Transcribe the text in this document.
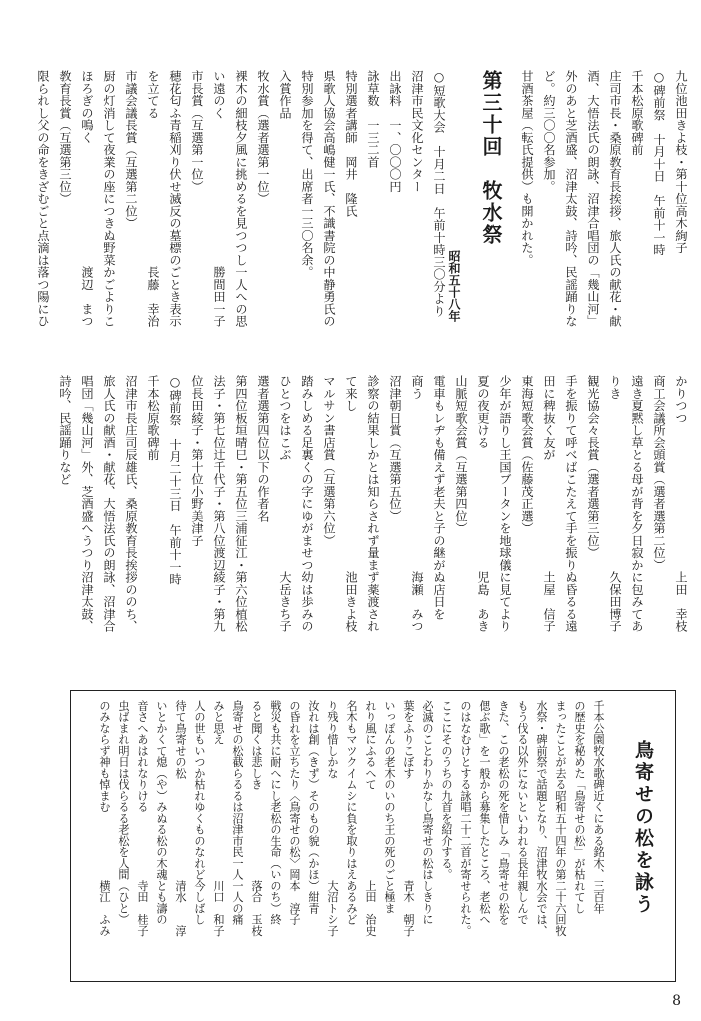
九位池田きよ枝・第十位高木絢子
○碑前祭　十月十日　午前十一時
千本松原歌碑前
庄司市長・桑原教育長挨拶、旅人氏の献花・献
酒、大悟法氏の朗詠、沼津合唱団の「幾山河」
外のあと芝酒盛、沼津太鼓、詩吟、民謡踊りな
ど。約三〇〇名参加。
甘酒茶屋（転氏提供）も開かれた。
第三十回　牧水祭
昭和五十八年
○短歌大会　十月二日　午前十時三〇分より
沼津市民文化センター
出詠料　一、〇〇〇円
詠草数　一三二首
特別選者講師　岡井　隆氏
県歌人協会高嶋健一氏、不識書院の中静勇氏の
特別参加を得て、出席者一三〇名余。
入賞作品
牧水賞（選者選第一位）
裸木の細枝夕風に挑めるを見つつし一人への思
い遠のく　　　　　　　　　　　　勝間田一子
市長賞（互選第一位）
穂花匂ふ青稲刈り伏せ滅反の墓標のごとき表示
を立てる　　　　　　　　　　　　長藤　幸治
市議会議長賞（互選第二位）
厨の灯消して夜業の座につきぬ野菜かごよりこ
ほろぎの鳴く　　　　　　　　　　渡辺　まつ
教育長賞（互選第三位）
限られし父の命をきざむごと点滴は落つ陽にひ
かりつつ　　　　　　　　　　　　上田　幸枝
商工会議所会頭賞（選者選第二位）
遠き夏黙し草とる母が背を夕日寂かに包みてあ
りき　　　　　　　　　　　　　　久保田博子
観光協会々長賞（選者選第三位）
手を振りて呼べばこたえて手を振りぬ昏るる遠
田に稗抜く友が　　　　　　　　　土屋　信子
東海短歌会賞（佐藤茂正選）
少年が語りし王国ブータンを地球儀に見てより
夏の夜更ける　　　　　　　　　　児島　あき
山脈短歌会賞（互選第四位）
電車もレヂも備えず老夫と子の継がぬ店日を
商う　　　　　　　　　　　　　　海瀬　みつ
沼津朝日賞（互選第五位）
診察の結果しかとは知らされず量まず薬渡され
て来し　　　　　　　　　　　　　池田きよ枝
マルサン書店賞（互選第六位）
踏みしめる足裏くの字にゆがませつ幼は歩みの
ひとつをはこぶ　　　　　　　　　大岳きち子
選者選第四位以下の作者名
第四位板垣晴巳・第五位三浦征江・第六位植松
法子・第七位辻千代子・第八位渡辺綾子・第九
位長田綾子・第十位小野美津子
○碑前祭　十月二十三日　午前十一時
千本松原歌碑前
沼津市長庄司辰雄氏、桑原教育長挨拶ののち、
旅人氏の献酒・献花、大悟法氏の朗詠、沼津合
唱団「幾山河」外、芝酒盛へうつり沼津太鼓、
詩吟、民謡踊りなど
鳥寄せの松を詠う
千本公園牧水歌碑近くにある銘木、三百年
の歴史を秘めた「鳥寄せの松」が枯れてし
まったことが去る昭和五十四年の第二十六回牧
水祭・碑前祭で話題となり、沼津牧水会では、
もう伐る以外にないといわれる長年親しんで
きた、この老松の死を惜しみ「鳥寄せの松を
偲ぶ歌」を一般から募集したところ、老松へ
のはなむけとする詠唱二十二首が寄せられた。
ここにそのうちの九首を紹介する。
必滅のことわりかなし鳥寄せの松はしきりに
葉をふりこぼす　　　　　　　　　青木　朝子
いっぽんの老木のいのち王の死のごと極ま
れり風にふるへて　　　　　　　　上田　治史
名木もマツクイムシに負を取りはえあるみど
り残り惜しかな　　　　　　　　　大沼トシ子
汝れは創（きず）そのもの貌（かほ）紺青
の昏れを立ちたり〈鳥寄せの松〉岡本　淳子
戦災も共に耐へにし老松の生命（いのち）終
ると聞くは悲しき　　　　　　　　落合　玉枝
鳥寄せの松截らるるは沼津市民一人一人の痛
みと思え　　　　　　　　　　　　川口　和子
人の世もいつか枯れゆくものなれど今しばし
待て鳥寄せの松　　　　　　　　　清水　　淳
いとかくて熄（や）みぬる松の木魂とも濤の
音さへあはれなりける　　　　　　寺田　桂子
虫ばまれ明日は伐らるる老松を人間（ひと）
のみならず神も悼まむ　　　　　　横江　ふみ
8
